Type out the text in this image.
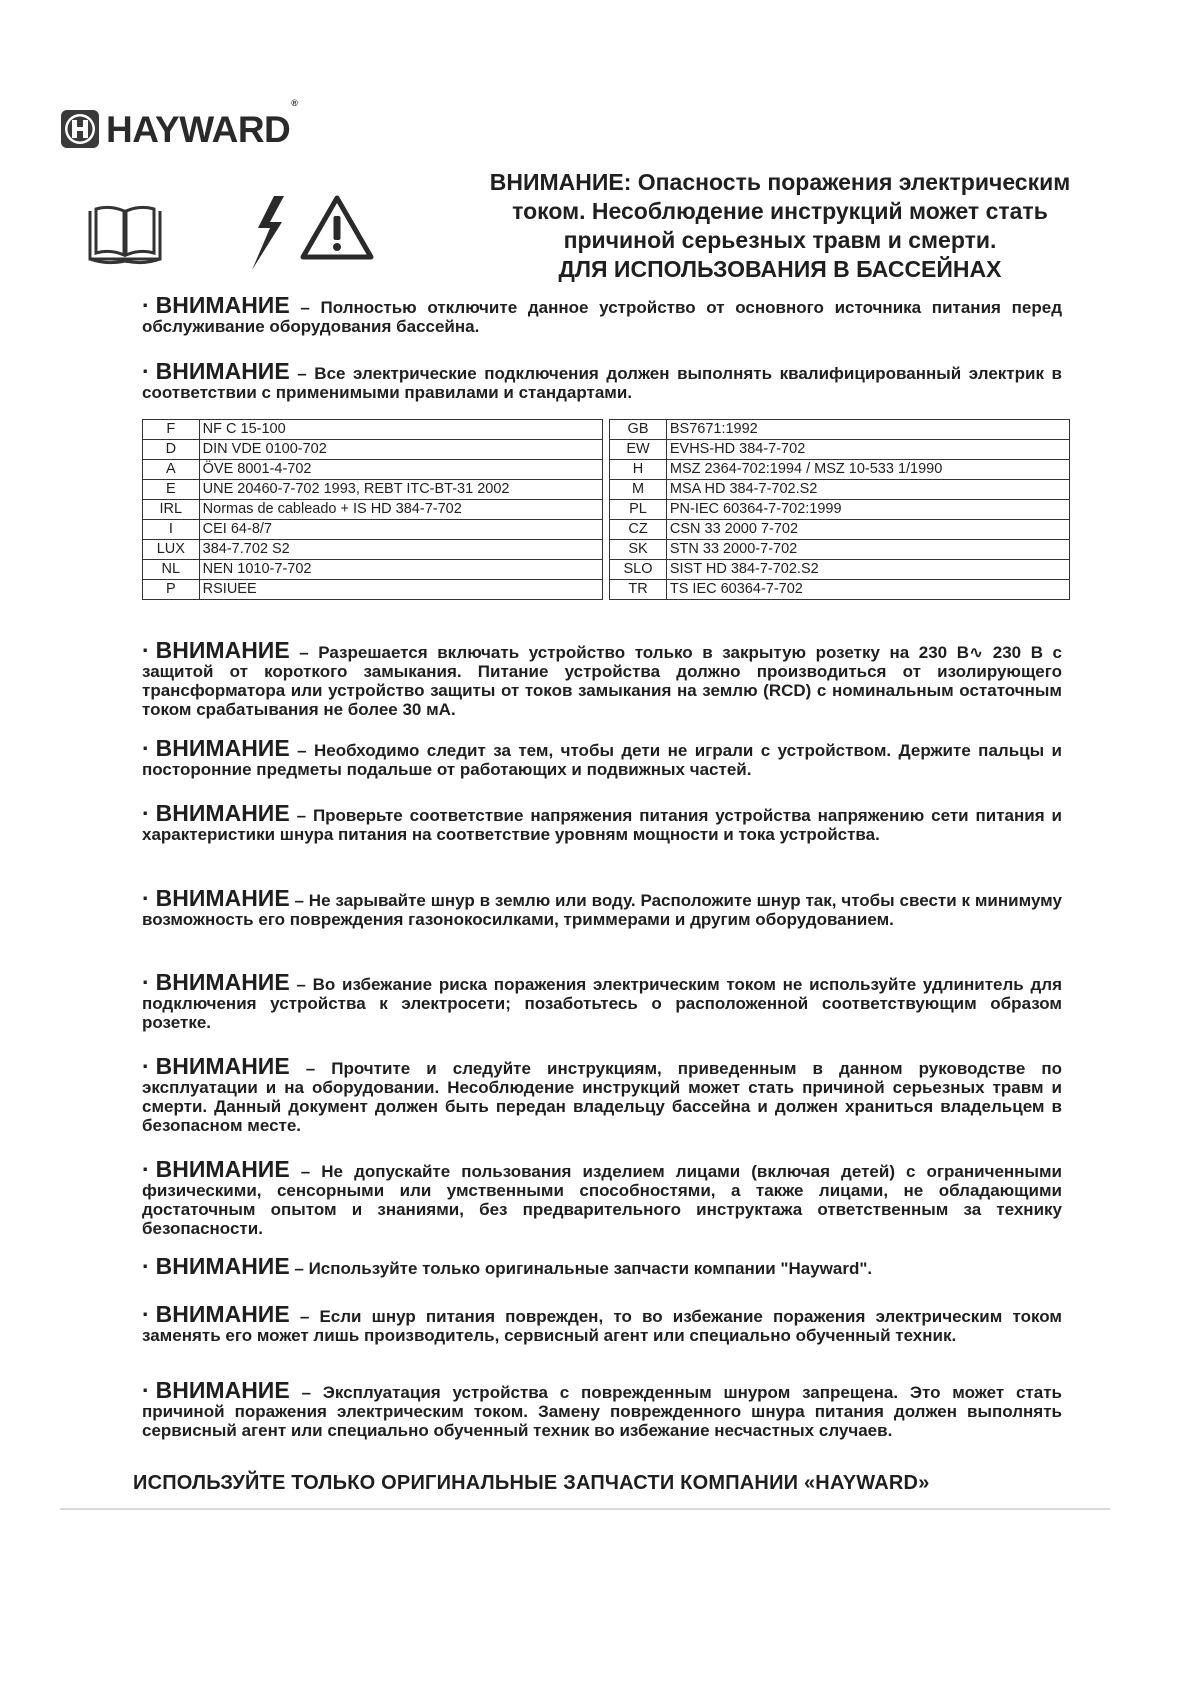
HAYWARD®
ВНИМАНИЕ: Опасность поражения электрическим
током. Несоблюдение инструкций может стать
причиной серьезных травм и смерти.
ДЛЯ ИСПОЛЬЗОВАНИЯ В БАССЕЙНАХ
· ВНИМАНИЕ – Полностью отключите данное устройство от основного источника питания перед обслуживание оборудования бассейна.
· ВНИМАНИЕ – Все электрические подключения должен выполнять квалифицированный электрик в соответствии с применимыми правилами и стандартами.
F	NF C 15-100		GB	BS7671:1992
D	DIN VDE 0100-702		EW	EVHS-HD 384-7-702
A	ÖVE 8001-4-702		H	MSZ 2364-702:1994 / MSZ 10-533 1/1990
E	UNE 20460-7-702 1993, REBT ITC-BT-31 2002		M	MSA HD 384-7-702.S2
IRL	Normas de cableado + IS HD 384-7-702		PL	PN-IEC 60364-7-702:1999
I	CEI 64-8/7		CZ	CSN 33 2000 7-702
LUX	384-7.702 S2		SK	STN 33 2000-7-702
NL	NEN 1010-7-702		SLO	SIST HD 384-7-702.S2
P	RSIUEE		TR	TS IEC 60364-7-702
· ВНИМАНИЕ – Разрешается включать устройство только в закрытую розетку на 230 В∿ 230 В с защитой от короткого замыкания. Питание устройства должно производиться от изолирующего трансформатора или устройство защиты от токов замыкания на землю (RCD) с номинальным остаточным током срабатывания не более 30 мА.
· ВНИМАНИЕ – Необходимо следит за тем, чтобы дети не играли с устройством. Держите пальцы и посторонние предметы подальше от работающих и подвижных частей.
· ВНИМАНИЕ – Проверьте соответствие напряжения питания устройства напряжению сети питания и характеристики шнура питания на соответствие уровням мощности и тока устройства.
· ВНИМАНИЕ – Не зарывайте шнур в землю или воду. Расположите шнур так, чтобы свести к минимуму возможность его повреждения газонокосилками, триммерами и другим оборудованием.
· ВНИМАНИЕ – Во избежание риска поражения электрическим током не используйте удлинитель для подключения устройства к электросети; позаботьтесь о расположенной соответствующим образом розетке.
· ВНИМАНИЕ – Прочтите и следуйте инструкциям, приведенным в данном руководстве по эксплуатации и на оборудовании. Несоблюдение инструкций может стать причиной серьезных травм и смерти. Данный документ должен быть передан владельцу бассейна и должен храниться владельцем в безопасном месте.
· ВНИМАНИЕ – Не допускайте пользования изделием лицами (включая детей) с ограниченными физическими, сенсорными или умственными способностями, а также лицами, не обладающими достаточным опытом и знаниями, без предварительного инструктажа ответственным за технику безопасности.
· ВНИМАНИЕ – Используйте только оригинальные запчасти компании "Hayward".
· ВНИМАНИЕ – Если шнур питания поврежден, то во избежание поражения электрическим током заменять его может лишь производитель, сервисный агент или специально обученный техник.
· ВНИМАНИЕ – Эксплуатация устройства с поврежденным шнуром запрещена. Это может стать причиной поражения электрическим током. Замену поврежденного шнура питания должен выполнять сервисный агент или специально обученный техник во избежание несчастных случаев.
ИСПОЛЬЗУЙТЕ ТОЛЬКО ОРИГИНАЛЬНЫЕ ЗАПЧАСТИ КОМПАНИИ «HAYWARD»
